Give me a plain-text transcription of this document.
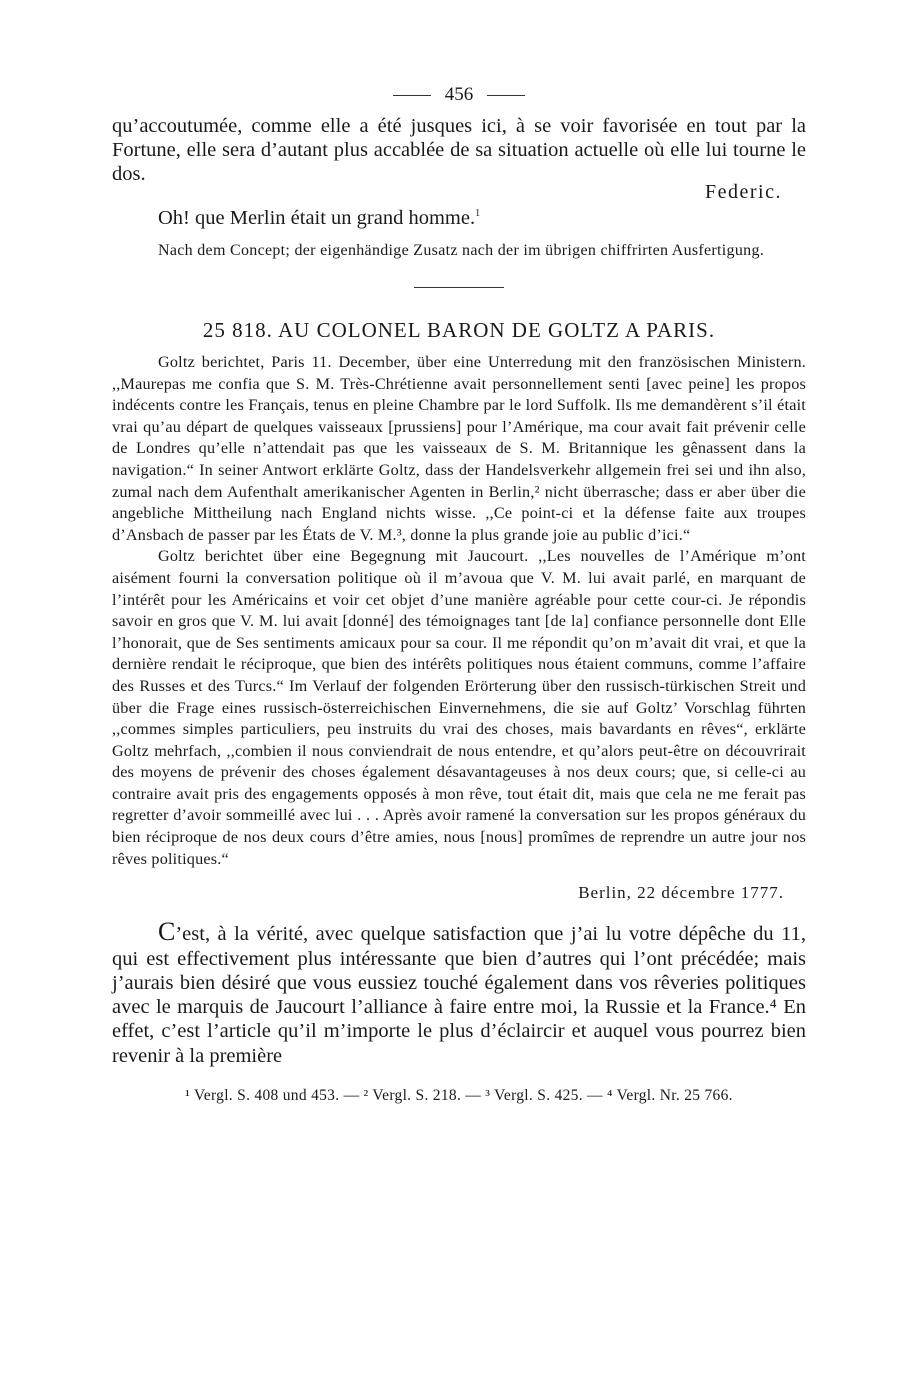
456

qu’accoutumée, comme elle a été jusques ici, à se voir favorisée en tout par la Fortune, elle sera d’autant plus accablée de sa situation actuelle où elle lui tourne le dos.

Federic.

Oh! que Merlin était un grand homme.$^1$

Nach dem Concept; der eigenhändige Zusatz nach der im übrigen chiffrirten Ausfertigung.

25 818. AU COLONEL BARON DE GOLTZ A PARIS.

Goltz berichtet, Paris 11. December, über eine Unterredung mit den französischen Ministern. ,,Maurepas me confia que S. M. Très-Chrétienne avait personnellement senti [avec peine] les propos indécents contre les Français, tenus en pleine Chambre par le lord Suffolk. Ils me demandèrent s’il était vrai qu’au départ de quelques vaisseaux [prussiens] pour l’Amérique, ma cour avait fait prévenir celle de Londres qu’elle n’attendait pas que les vaisseaux de S. M. Britannique les gênassent dans la navigation.“ In seiner Antwort erklärte Goltz, dass der Handelsverkehr allgemein frei sei und ihn also, zumal nach dem Aufenthalt amerikanischer Agenten in Berlin,² nicht überrasche; dass er aber über die angebliche Mittheilung nach England nichts wisse. ,,Ce point-ci et la défense faite aux troupes d’Ansbach de passer par les États de V. M.³, donne la plus grande joie au public d’ici.“

Goltz berichtet über eine Begegnung mit Jaucourt. ,,Les nouvelles de l’Amérique m’ont aisément fourni la conversation politique où il m’avoua que V. M. lui avait parlé, en marquant de l’intérêt pour les Américains et voir cet objet d’une manière agréable pour cette cour-ci. Je répondis savoir en gros que V. M. lui avait [donné] des témoignages tant [de la] confiance personnelle dont Elle l’honorait, que de Ses sentiments amicaux pour sa cour. Il me répondit qu’on m’avait dit vrai, et que la dernière rendait le réciproque, que bien des intérêts politiques nous étaient communs, comme l’affaire des Russes et des Turcs.“ Im Verlauf der folgenden Erörterung über den russisch-türkischen Streit und über die Frage eines russisch-österreichischen Einvernehmens, die sie auf Goltz’ Vorschlag führten ,,commes simples particuliers, peu instruits du vrai des choses, mais bavardants en rêves“, erklärte Goltz mehrfach, ,,combien il nous conviendrait de nous entendre, et qu’alors peut-être on découvrirait des moyens de prévenir des choses également désavantageuses à nos deux cours; que, si celle-ci au contraire avait pris des engagements opposés à mon rêve, tout était dit, mais que cela ne me ferait pas regretter d’avoir sommeillé avec lui . . . Après avoir ramené la conversation sur les propos généraux du bien réciproque de nos deux cours d’être amies, nous [nous] promîmes de reprendre un autre jour nos rêves politiques.“

Berlin, 22 décembre 1777.

C’est, à la vérité, avec quelque satisfaction que j’ai lu votre dépêche du 11, qui est effectivement plus intéressante que bien d’autres qui l’ont précédée; mais j’aurais bien désiré que vous eussiez touché également dans vos rêveries politiques avec le marquis de Jaucourt l’alliance à faire entre moi, la Russie et la France.⁴ En effet, c’est l’article qu’il m’importe le plus d’éclaircir et auquel vous pourrez bien revenir à la première

¹ Vergl. S. 408 und 453. — ² Vergl. S. 218. — ³ Vergl. S. 425. — ⁴ Vergl. Nr. 25 766.
